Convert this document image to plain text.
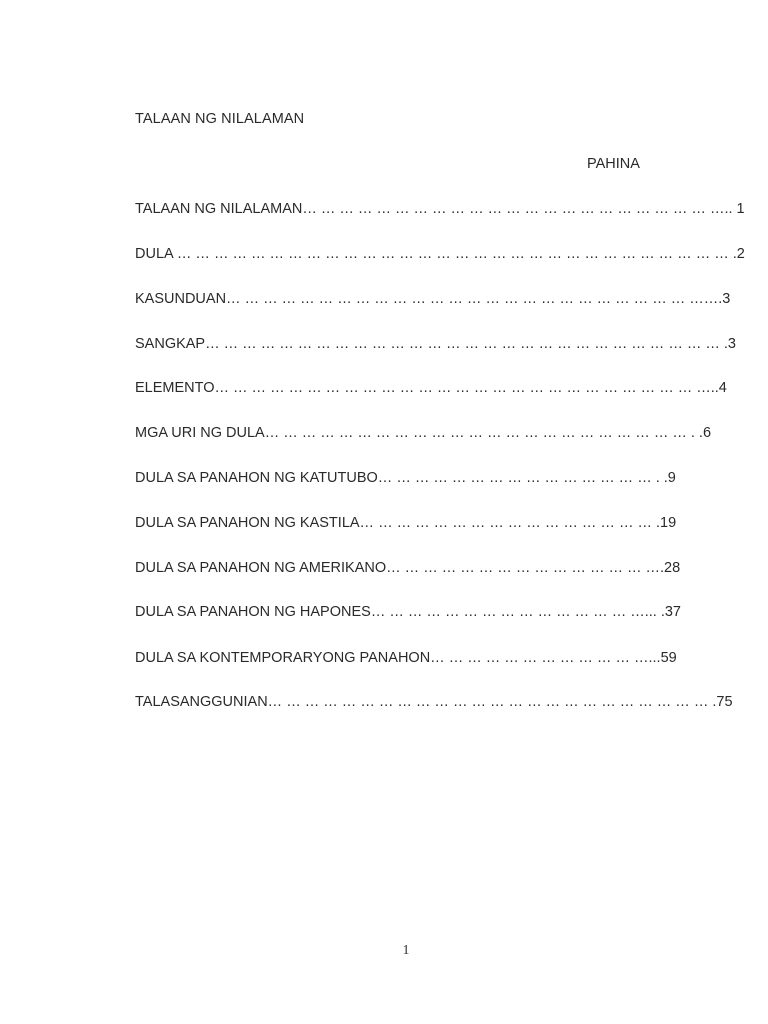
TALAAN NG NILALAMAN
PAHINA
TALAAN NG NILALAMAN… … … … … … … … … … … … … … … … … … … … … … ….. 1
DULA … … … … … … … … … … … … … … … … … … … … … … … … … … … … … … .2
KASUNDUAN… … … … … … … … … … … … … … … … … … … … … … … … … …….3
SANGKAP… … … … … … … … … … … … … … … … … … … … … … … … … … … … .3
ELEMENTO… … … … … … … … … … … … … … … … … … … … … … … … … … …..4
MGA URI NG DULA… … … … … … … … … … … … … … … … … … … … … … … . .6
DULA SA PANAHON NG KATUTUBO… … … … … … … … … … … … … … … . .9
DULA SA PANAHON NG KASTILA… … … … … … … … … … … … … … … … .19
DULA SA PANAHON NG AMERIKANO… … … … … … … … … … … … … … ….28
DULA SA PANAHON NG HAPONES… … … … … … … … … … … … … … …... .37
DULA SA KONTEMPORARYONG PANAHON… … … … … … … … … … … …...59
TALASANGGUNIAN… … … … … … … … … … … … … … … … … … … … … … … … .75
1
